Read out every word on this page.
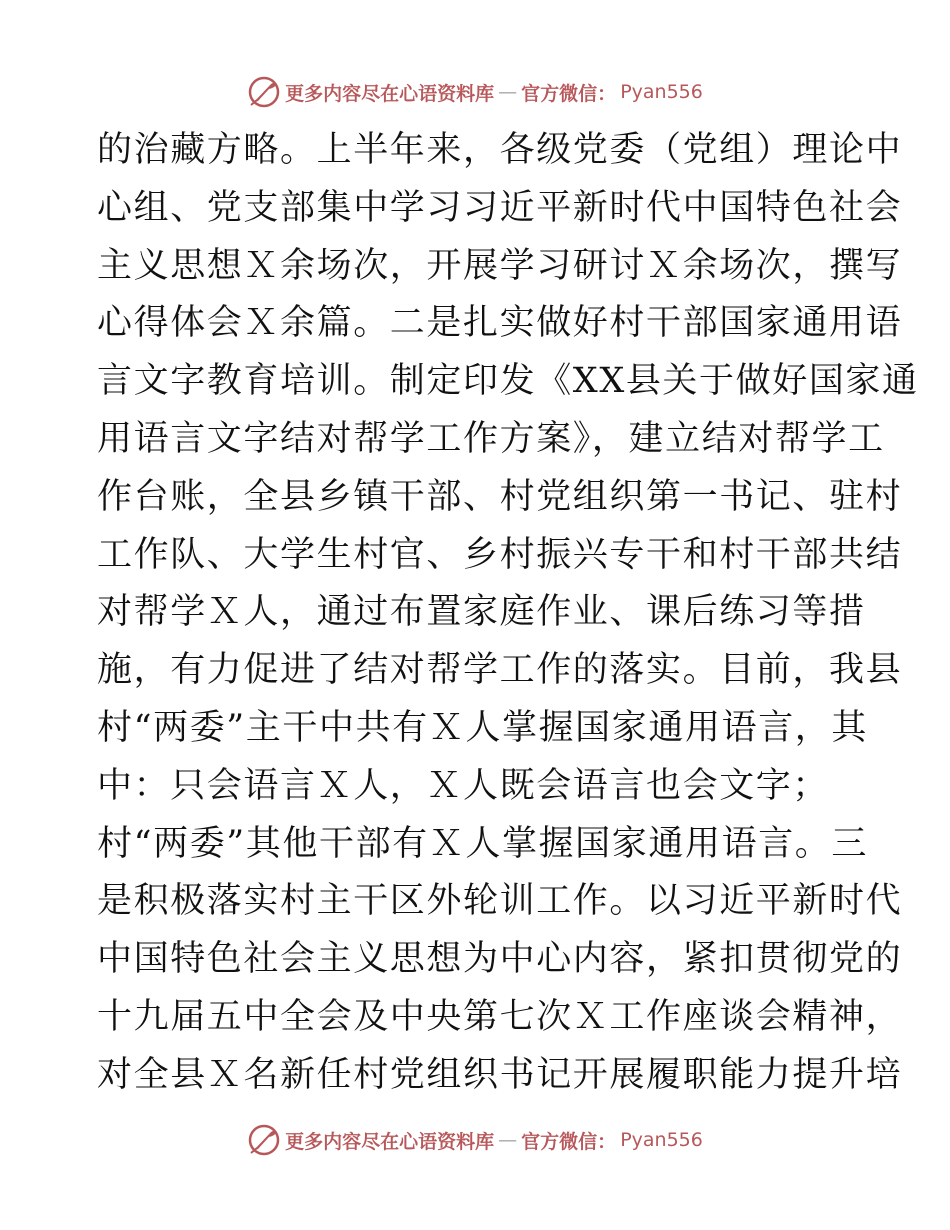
更多内容尽在心语资料库 — 官方微信： Pyan556
的治藏方略。上半年来，各级党委（党组）理论中
心组、党支部集中学习习近平新时代中国特色社会
主义思想Ｘ余场次，开展学习研讨Ｘ余场次，撰写
心得体会Ｘ余篇。二是扎实做好村干部国家通用语
言文字教育培训。制定印发《XX县关于做好国家通
用语言文字结对帮学工作方案》，建立结对帮学工
作台账，全县乡镇干部、村党组织第一书记、驻村
工作队、大学生村官、乡村振兴专干和村干部共结
对帮学Ｘ人，通过布置家庭作业、课后练习等措
施，有力促进了结对帮学工作的落实。目前，我县
村“两委”主干中共有Ｘ人掌握国家通用语言，其
中：只会语言Ｘ人，Ｘ人既会语言也会文字；
村“两委”其他干部有Ｘ人掌握国家通用语言。三
是积极落实村主干区外轮训工作。以习近平新时代
中国特色社会主义思想为中心内容，紧扣贯彻党的
十九届五中全会及中央第七次Ｘ工作座谈会精神，
对全县Ｘ名新任村党组织书记开展履职能力提升培
更多内容尽在心语资料库 — 官方微信： Pyan556
